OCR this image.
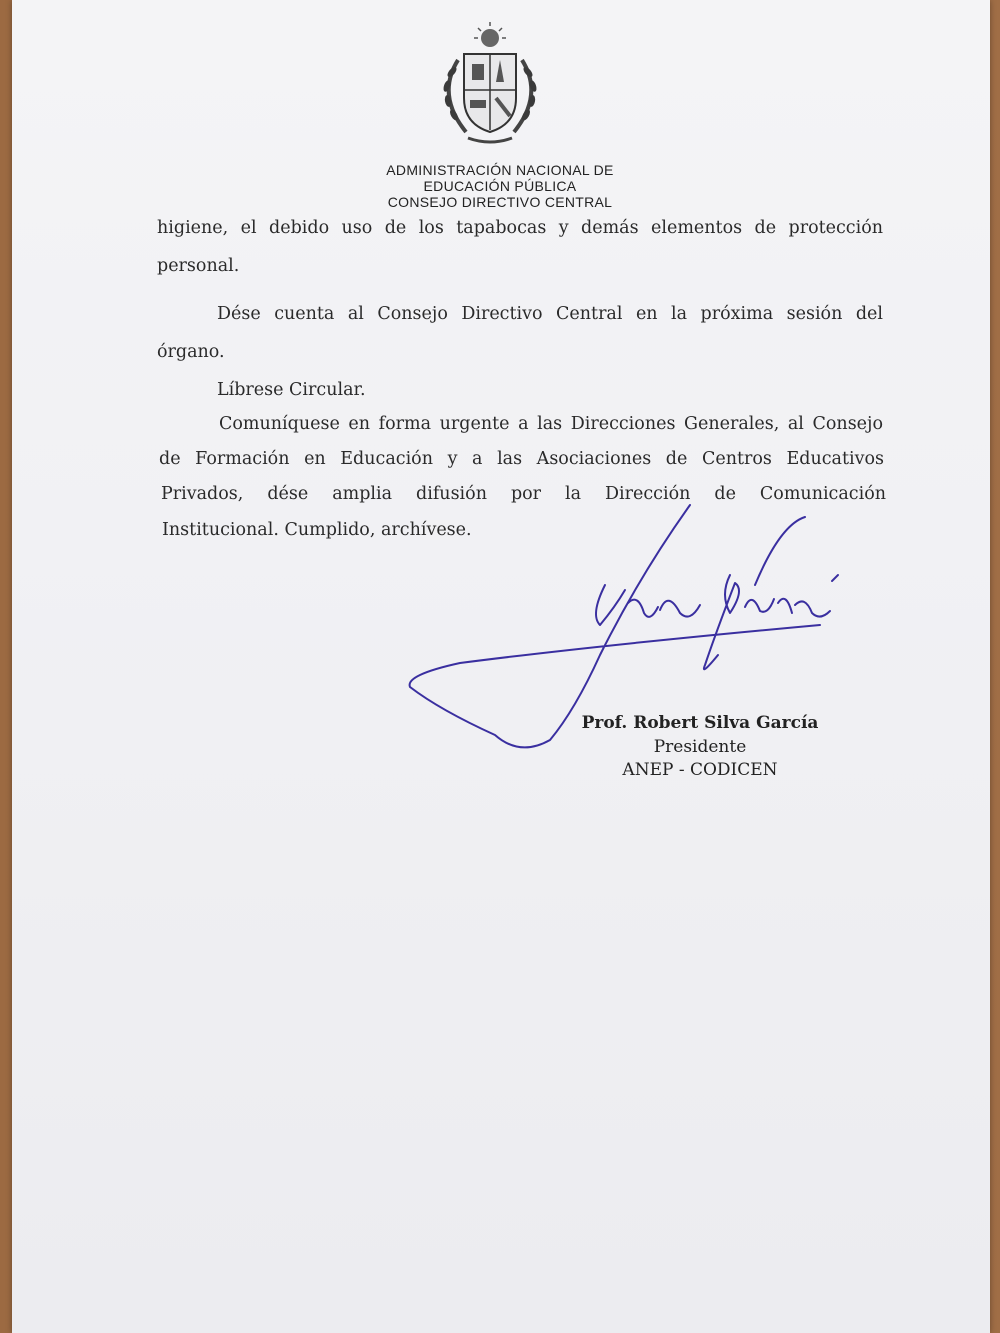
ADMINISTRACIÓN NACIONAL DE
EDUCACIÓN PÚBLICA
CONSEJO DIRECTIVO CENTRAL
higiene, el debido uso de los tapabocas y demás elementos de protección
personal.
Dése cuenta al Consejo Directivo Central en la próxima sesión del
órgano.
Líbrese Circular.
Comuníquese en forma urgente a las Direcciones Generales, al Consejo
de Formación en Educación y a las Asociaciones de Centros Educativos
Privados, dése amplia difusión por la Dirección de Comunicación
Institucional. Cumplido, archívese.
Prof. Robert Silva García
Presidente
ANEP - CODICEN
